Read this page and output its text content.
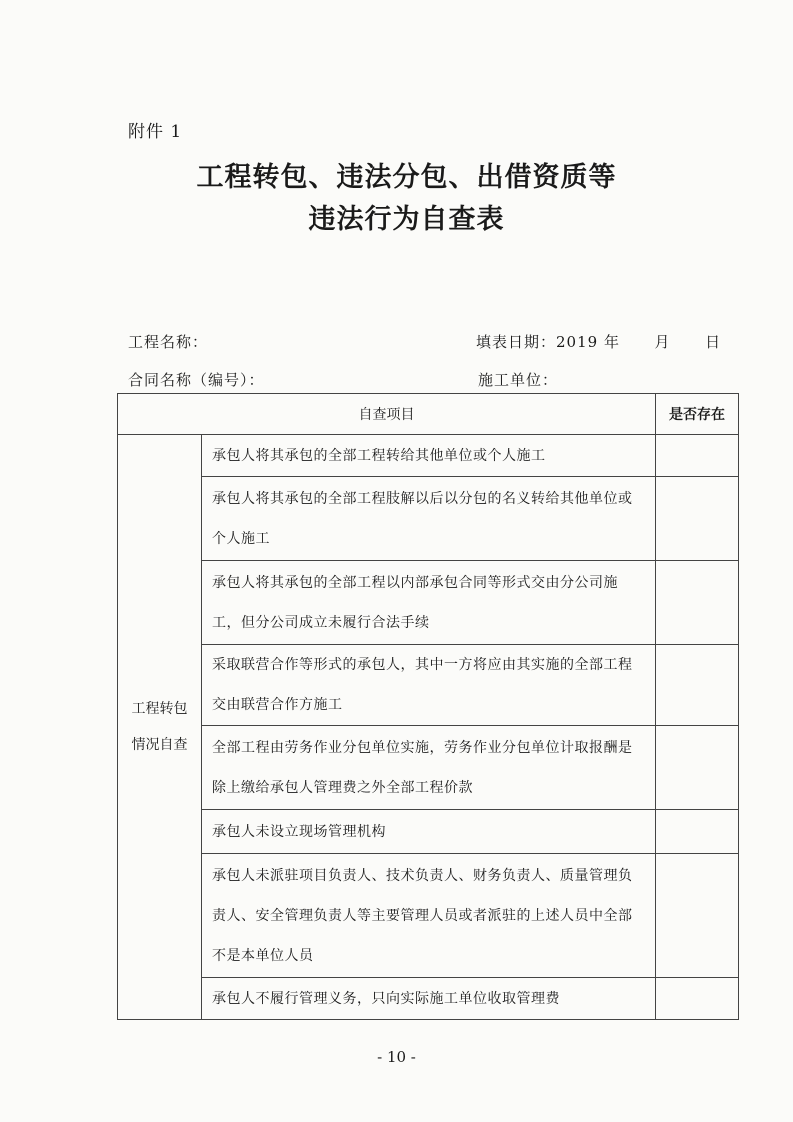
附件 1
工程转包、违法分包、出借资质等
违法行为自查表
工程名称：	填表日期：2019 年      月      日
合同名称（编号）：	施工单位：
自查项目		是否存在

工程转包
情况自查	承包人将其承包的全部工程转给其他单位或个人施工	
	承包人将其承包的全部工程肢解以后以分包的名义转给其他单位或个人施工	
	承包人将其承包的全部工程以内部承包合同等形式交由分公司施工，但分公司成立未履行合法手续	
	采取联营合作等形式的承包人，其中一方将应由其实施的全部工程交由联营合作方施工	
	全部工程由劳务作业分包单位实施，劳务作业分包单位计取报酬是除上缴给承包人管理费之外全部工程价款	
	承包人未设立现场管理机构	
	承包人未派驻项目负责人、技术负责人、财务负责人、质量管理负责人、安全管理负责人等主要管理人员或者派驻的上述人员中全部不是本单位人员	
	承包人不履行管理义务，只向实际施工单位收取管理费	
- 10 -
